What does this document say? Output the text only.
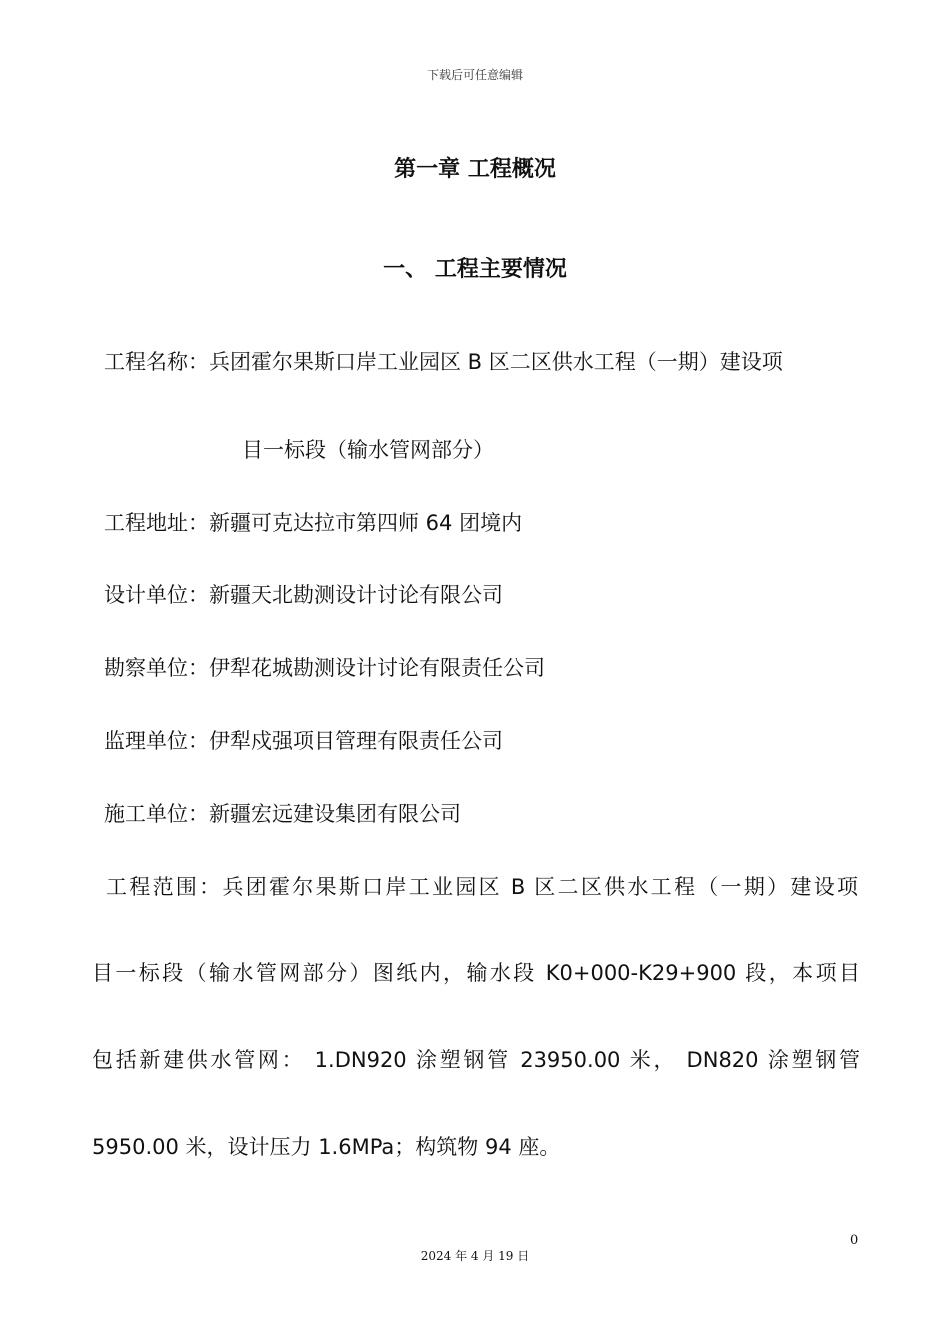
下载后可任意编辑
第一章 工程概况
一、 工程主要情况
工程名称：兵团霍尔果斯口岸工业园区 B 区二区供水工程（一期）建设项
目一标段（输水管网部分）
工程地址：新疆可克达拉市第四师 64 团境内
设计单位：新疆天北勘测设计讨论有限公司
勘察单位：伊犁花城勘测设计讨论有限责任公司
监理单位：伊犁戍强项目管理有限责任公司
施工单位：新疆宏远建设集团有限公司
工程范围：兵团霍尔果斯口岸工业园区 B 区二区供水工程（一期）建设项
目一标段（输水管网部分）图纸内，输水段 K0+000-K29+900 段，本项目
包括新建供水管网： 1.DN920 涂塑钢管 23950.00 米， DN820 涂塑钢管
5950.00 米，设计压力 1.6MPa；构筑物 94 座。
0
2024 年 4 月 19 日
